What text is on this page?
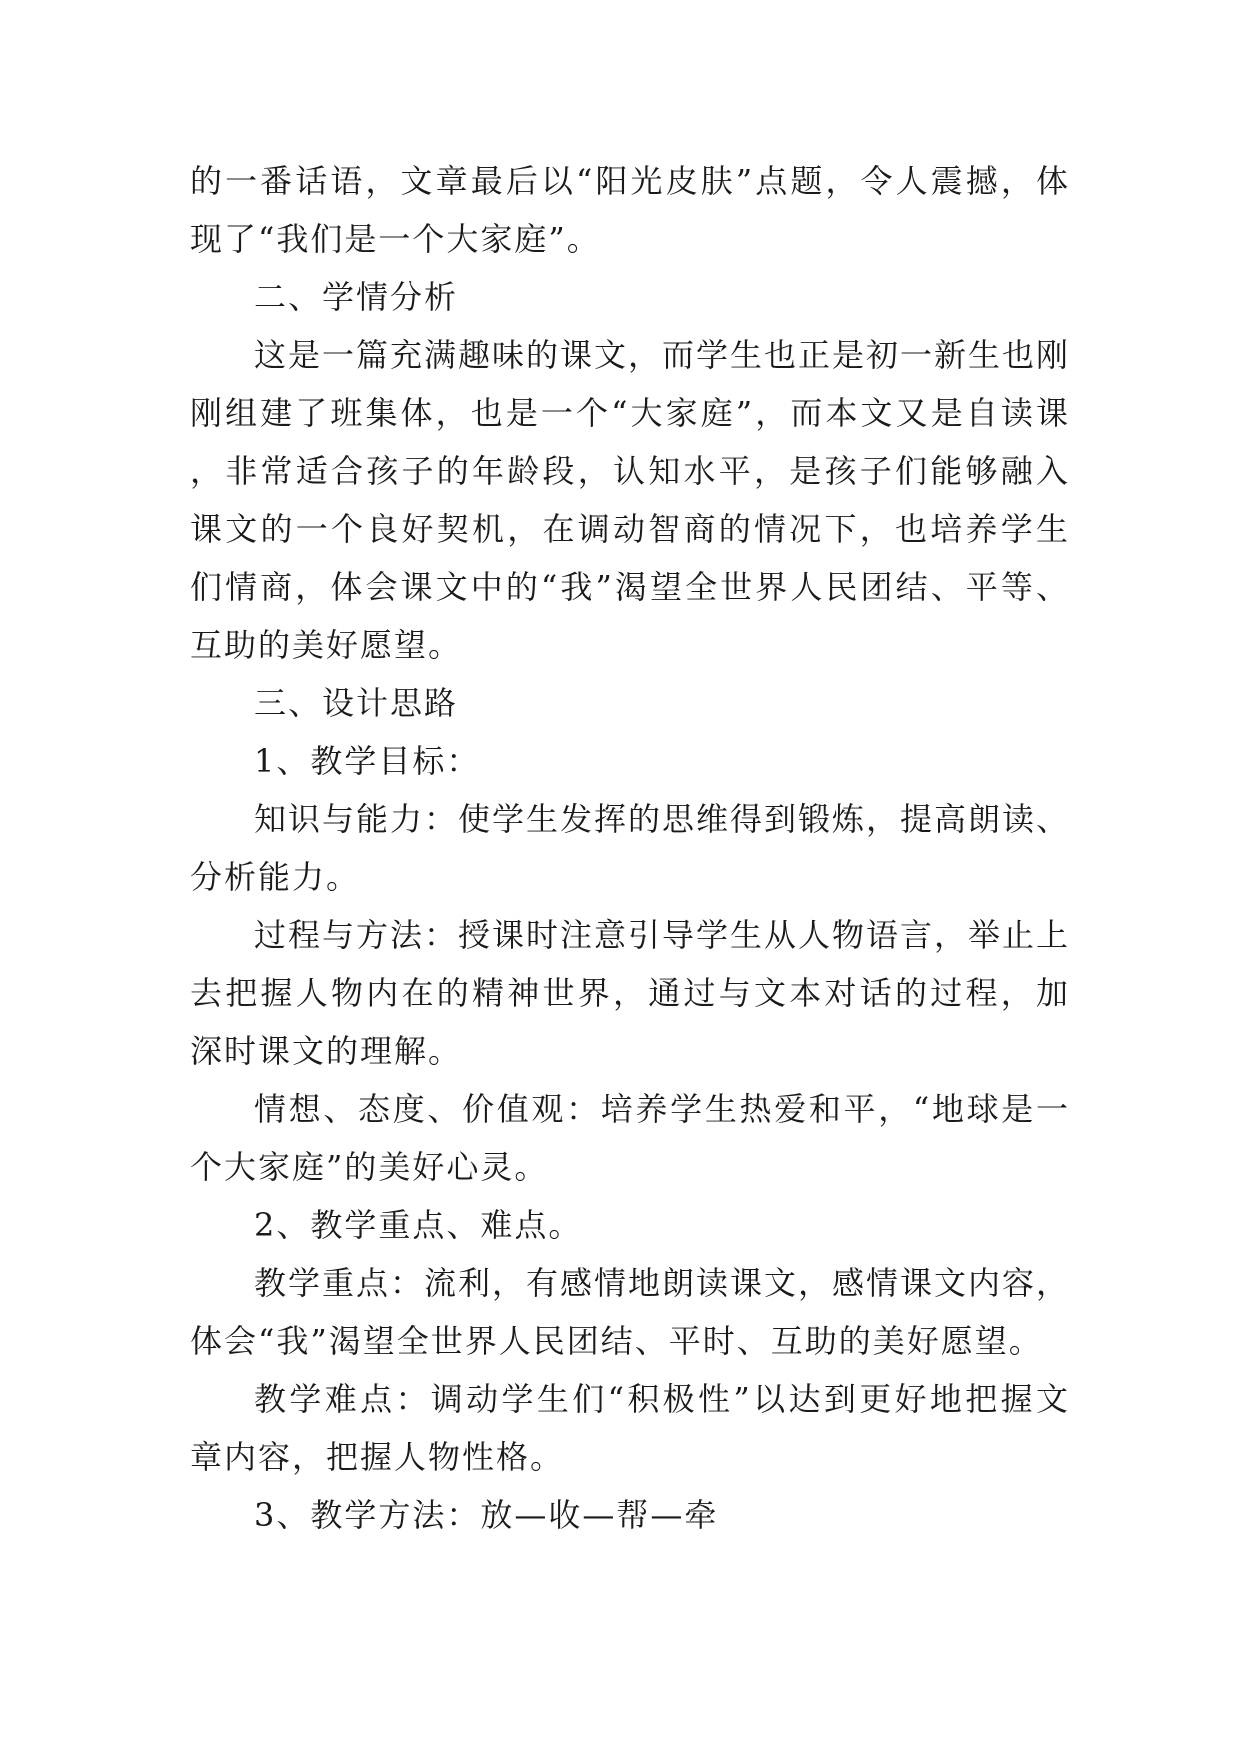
的一番话语，文章最后以“阳光皮肤”点题，令人震撼，体现了“我们是一个大家庭”。

二、学情分析

这是一篇充满趣味的课文，而学生也正是初一新生也刚刚组建了班集体，也是一个“大家庭”，而本文又是自读课，非常适合孩子的年龄段，认知水平，是孩子们能够融入课文的一个良好契机，在调动智商的情况下，也培养学生们情商，体会课文中的“我”渴望全世界人民团结、平等、互助的美好愿望。

三、设计思路

1、教学目标：

知识与能力：使学生发挥的思维得到锻炼，提高朗读、分析能力。

过程与方法：授课时注意引导学生从人物语言，举止上去把握人物内在的精神世界，通过与文本对话的过程，加深时课文的理解。

情想、态度、价值观：培养学生热爱和平，“地球是一个大家庭”的美好心灵。

2、教学重点、难点。

教学重点：流利，有感情地朗读课文，感情课文内容，体会“我”渴望全世界人民团结、平时、互助的美好愿望。

教学难点：调动学生们“积极性”以达到更好地把握文章内容，把握人物性格。

3、教学方法：放—收—帮—牵
